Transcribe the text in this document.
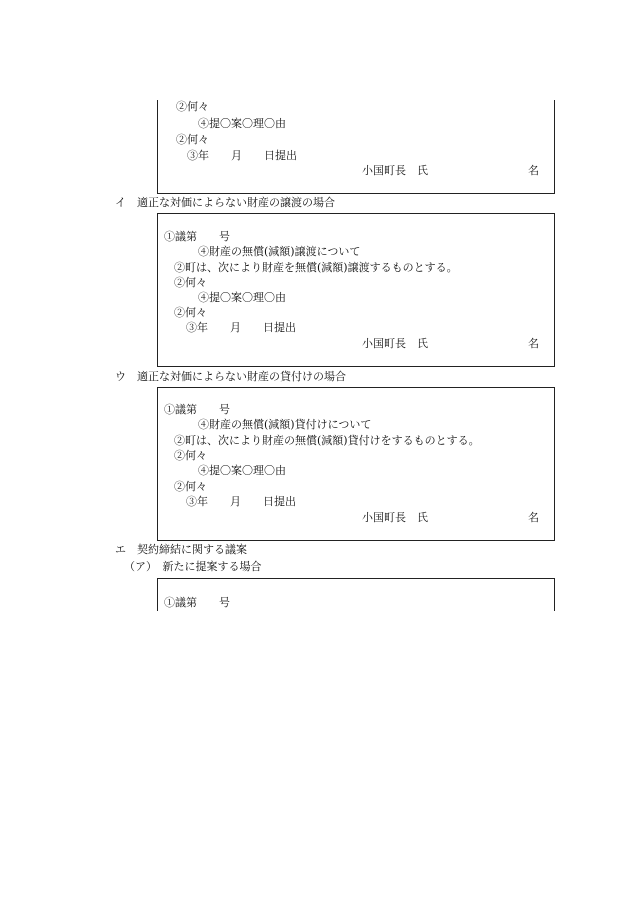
②何々
④提〇案〇理〇由
②何々
③年　　月　　日提出
小国町長　氏	名
イ　適正な対価によらない財産の譲渡の場合
①議第　　号
④財産の無償(減額)譲渡について
②町は、次により財産を無償(減額)譲渡するものとする。
②何々
④提〇案〇理〇由
②何々
③年　　月　　日提出
小国町長　氏	名
ウ　適正な対価によらない財産の貸付けの場合
①議第　　号
④財産の無償(減額)貸付けについて
②町は、次により財産の無償(減額)貸付けをするものとする。
②何々
④提〇案〇理〇由
②何々
③年　　月　　日提出
小国町長　氏	名
エ　契約締結に関する議案
（ア）　新たに提案する場合
①議第　　号
